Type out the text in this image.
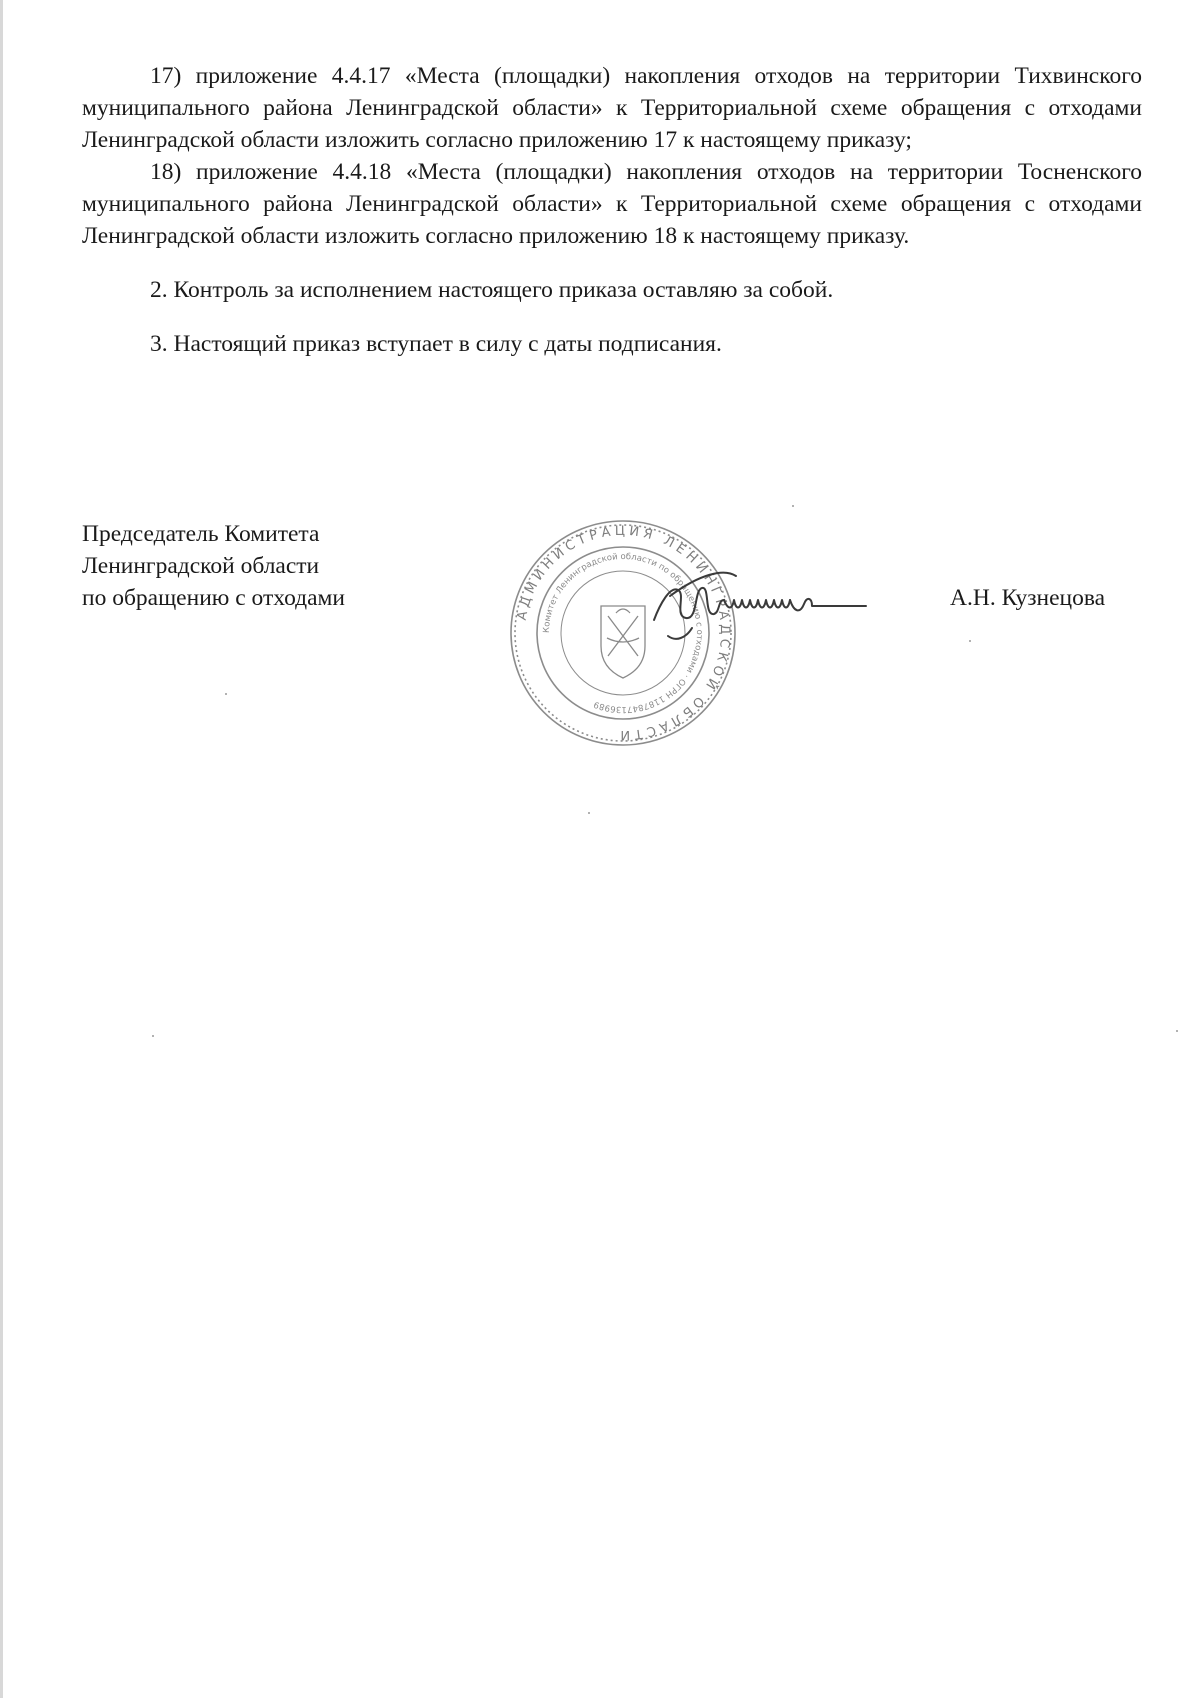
17) приложение 4.4.17 «Места (площадки) накопления отходов на территории Тихвинского муниципального района Ленинградской области» к Территориальной схеме обращения с отходами Ленинградской области изложить согласно приложению 17 к настоящему приказу;

18) приложение 4.4.18 «Места (площадки) накопления отходов на территории Тосненского муниципального района Ленинградской области» к Территориальной схеме обращения с отходами Ленинградской области изложить согласно приложению 18 к настоящему приказу.

2. Контроль за исполнением настоящего приказа оставляю за собой.

3. Настоящий приказ вступает в силу с даты подписания.

Председатель Комитета
Ленинградской области
по обращению с отходами
АДМИНИСТРАЦИЯ ЛЕНИНГРАДСКОЙ ОБЛАСТИ
Комитет Ленинградской области по обращению с отходами · ОГРН 1187847136989
А.Н. Кузнецова
